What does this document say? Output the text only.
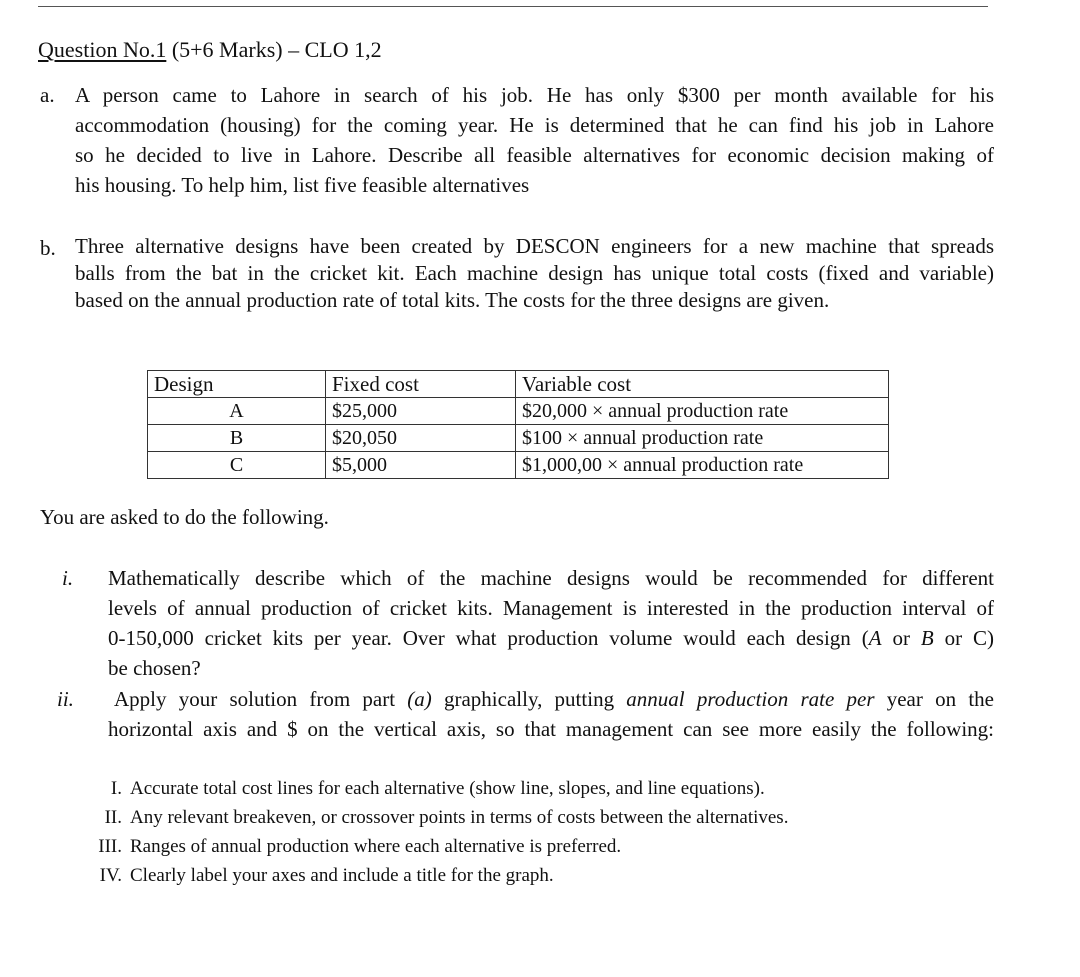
Question No.1 (5+6 Marks) – CLO 1,2
a. A person came to Lahore in search of his job. He has only $300 per month available for his
accommodation (housing) for the coming year. He is determined that he can find his job in Lahore
so he decided to live in Lahore. Describe all feasible alternatives for economic decision making of
his housing. To help him, list five feasible alternatives
b. Three alternative designs have been created by DESCON engineers for a new machine that spreads
balls from the bat in the cricket kit. Each machine design has unique total costs (fixed and variable)
based on the annual production rate of total kits. The costs for the three designs are given.
Design	Fixed cost	Variable cost
A	$25,000	$20,000 × annual production rate
B	$20,050	$100 × annual production rate
C	$5,000	$1,000,00 × annual production rate
You are asked to do the following.
i. Mathematically describe which of the machine designs would be recommended for different
levels of annual production of cricket kits. Management is interested in the production interval of
0-150,000 cricket kits per year. Over what production volume would each design (A or B or C)
be chosen?
ii. Apply your solution from part (a) graphically, putting annual production rate per year on the
horizontal axis and $ on the vertical axis, so that management can see more easily the following:
I. Accurate total cost lines for each alternative (show line, slopes, and line equations).
II. Any relevant breakeven, or crossover points in terms of costs between the alternatives.
III. Ranges of annual production where each alternative is preferred.
IV. Clearly label your axes and include a title for the graph.
